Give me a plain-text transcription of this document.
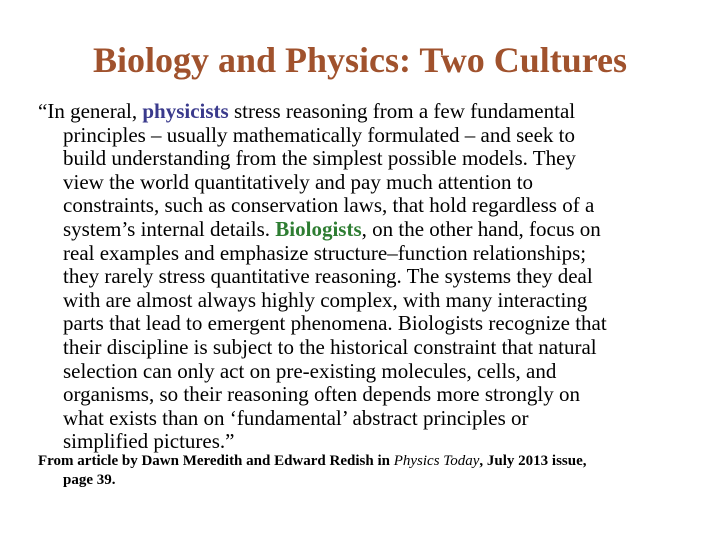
Biology and Physics: Two Cultures

“In general, physicists stress reasoning from a few fundamental
principles – usually mathematically formulated – and seek to
build understanding from the simplest possible models. They
view the world quantitatively and pay much attention to
constraints, such as conservation laws, that hold regardless of a
system’s internal details. Biologists, on the other hand, focus on
real examples and emphasize structure–function relationships;
they rarely stress quantitative reasoning. The systems they deal
with are almost always highly complex, with many interacting
parts that lead to emergent phenomena. Biologists recognize that
their discipline is subject to the historical constraint that natural
selection can only act on pre-existing molecules, cells, and
organisms, so their reasoning often depends more strongly on
what exists than on ‘fundamental’ abstract principles or
simplified pictures.”

From article by Dawn Meredith and Edward Redish in Physics Today, July 2013 issue,
page 39.
